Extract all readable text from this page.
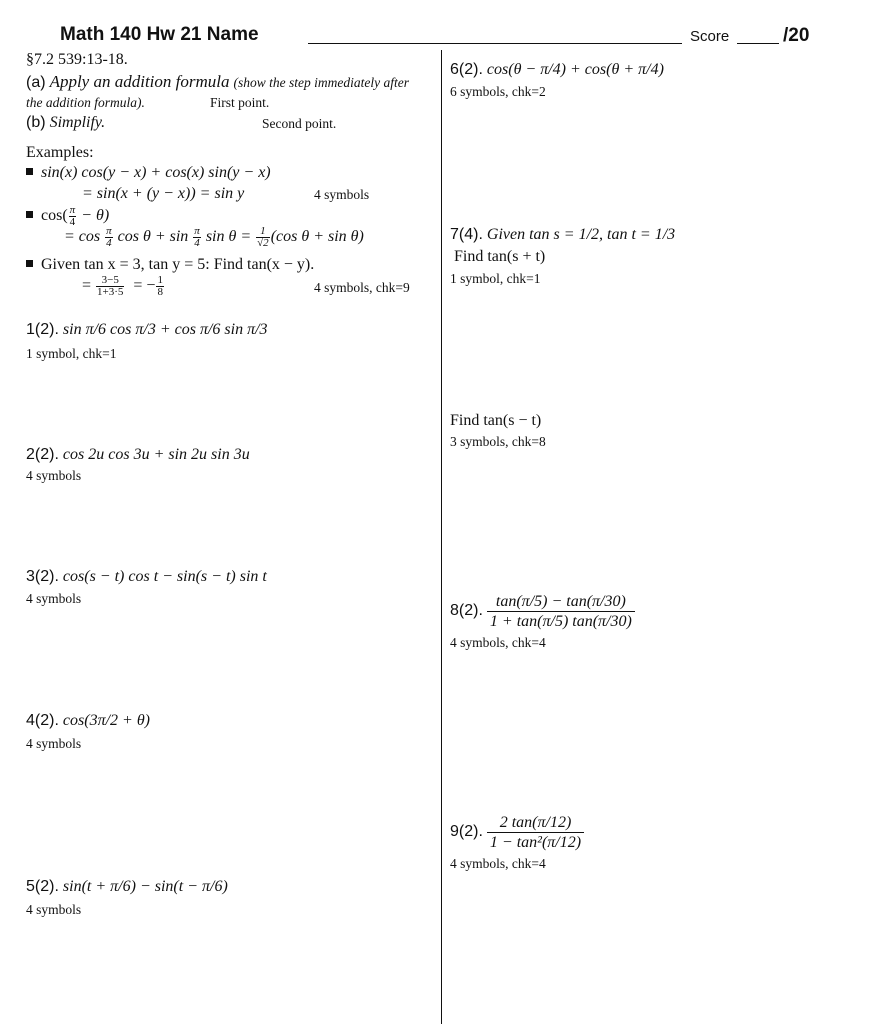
Math 140 Hw 21 Name	Score	/20
§7.2 539:13-18.
(a) Apply an addition formula (show the step immediately after
the addition formula).	First point.
(b) Simplify.	Second point.
Examples:
sin(x) cos(y − x) + cos(x) sin(y − x)
= sin(x + (y − x)) = sin y	4 symbols
$\cos( \frac{\pi}{4} - \theta)$
= $\cos \frac{\pi}{4}$ $\cos \theta + \sin \frac{\pi}{4}$ $\sin \theta = \frac{1}{√2} (\cos$ θ + sin θ)
Given tan x = 3, tan y = 5: Find tan(x − y).
= $\frac{3-5}{1+3\cdot 5}$ = − $\frac{1}{8}$	4 symbols, chk=9
1(2). sin π/6 cos π/3 + cos π/6 sin π/3
1 symbol, chk=1
2(2). cos 2u cos 3u + sin 2u sin 3u
4 symbols
3(2). cos(s − t) cos t − sin(s − t) sin t
4 symbols
4(2). cos(3π/2 + θ)
4 symbols
5(2). sin(t + π/6) − sin(t − π/6)
4 symbols
6(2). cos(θ − π/4) + cos(θ + π/4)
6 symbols, chk=2
7(4). Given tan s = 1/2, tan t = 1/3
Find tan(s + t)
1 symbol, chk=1
Find tan(s − t)
3 symbols, chk=8
8(2). $\frac{\tan(\pi/5) - \tan(\pi/30)}{1 + \tan(\pi/5) \tan(\pi/30)}$
4 symbols, chk=4
9(2). $\frac{2 \tan(\pi/12)}{\text{1 − tan²(π/12)}}$
4 symbols, chk=4
